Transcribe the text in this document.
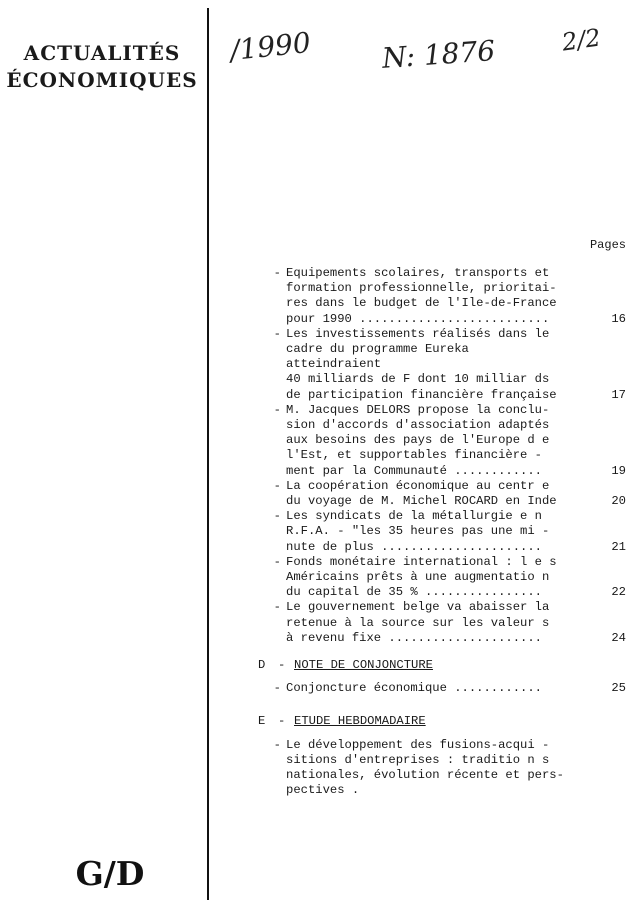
ACTUALITÉS
ÉCONOMIQUES
/1990 N: 1876	2/2
G/D
Pages
- Equipements scolaires, transports et
formation professionnelle, prioritai-
res dans le budget de l'Ile-de-France
pour 1990 ..........................	16
- Les investissements réalisés dans le
cadre du programme Eureka atteindraient
40 milliards de F dont 10 milliar ds
de participation financière française	17
- M. Jacques DELORS propose la conclu-
sion d'accords d'association adaptés
aux besoins des pays de l'Europe d e
l'Est, et supportables financière -
ment par la Communauté ............	19
- La coopération économique au centr e
du voyage de M. Michel ROCARD en Inde	20
- Les syndicats de la métallurgie e n
R.F.A. - "les 35 heures pas une mi -
nute de plus ......................	21
- Fonds monétaire international : l e s
Américains prêts à une augmentatio n
du capital de 35 % ................	22
- Le gouvernement belge va abaisser la
retenue à la source sur les valeur s
à revenu fixe .....................	24
D	- NOTE DE CONJONCTURE
- Conjoncture économique ............	25
E	- ETUDE HEBDOMADAIRE
- Le développement des fusions-acqui -
sitions d'entreprises : traditio n s
nationales, évolution récente et pers-
pectives .
